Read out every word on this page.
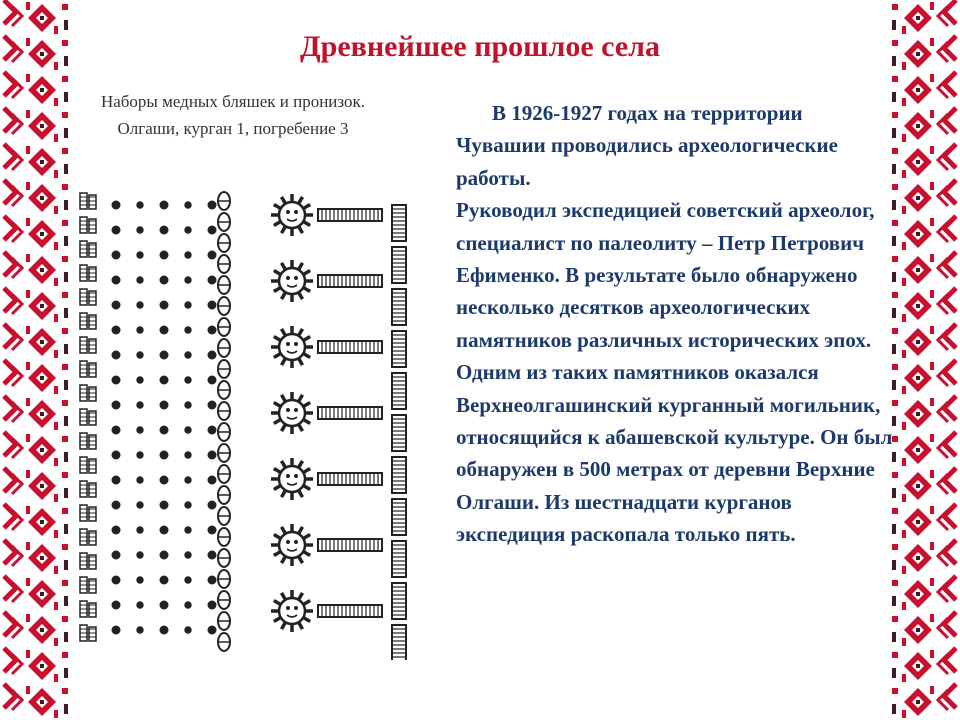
Древнейшее прошлое села
Наборы медных бляшек и пронизок. Олгаши, курган 1, погребение 3

В 1926-1927 годах на территории Чувашии проводились археологические работы.

Руководил экспедицией советский археолог, специалист по палеолиту – Петр Петрович Ефименко. В результате было обнаружено несколько десятков археологических памятников различных исторических эпох. Одним из таких памятников оказался Верхнеолгашинский курганный могильник, относящийся к абашевской культуре. Он был обнаружен в 500 метрах от деревни Верхние Олгаши. Из шестнадцати курганов экспедиция раскопала только пять.
